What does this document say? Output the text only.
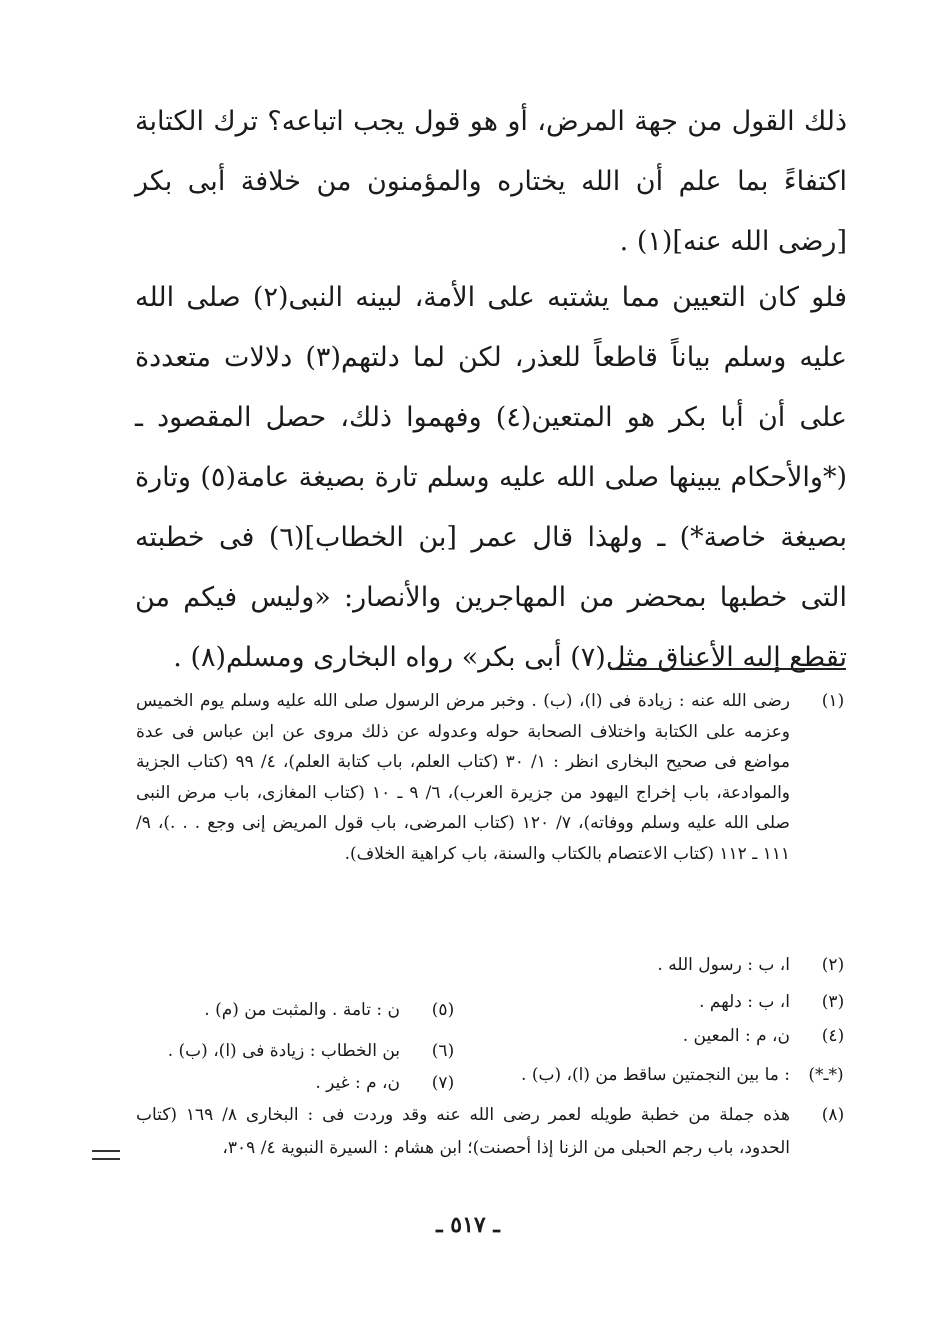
ذلك القول من جهة المرض، أو هو قول يجب اتباعه؟ ترك الكتابة اكتفاءً بما علم أن الله يختاره والمؤمنون من خلافة أبى بكر [رضى الله عنه](١) .

فلو كان التعيين مما يشتبه على الأمة، لبينه النبى(٢) صلى الله عليه وسلم بياناً قاطعاً للعذر، لكن لما دلتهم(٣) دلالات متعددة على أن أبا بكر هو المتعين(٤) وفهموا ذلك، حصل المقصود ـ (*والأحكام يبينها صلى الله عليه وسلم تارة بصيغة عامة(٥) وتارة بصيغة خاصة*) ـ ولهذا قال عمر [بن الخطاب](٦) فى خطبته التى خطبها بمحضر من المهاجرين والأنصار: «وليس فيكم من تقطع إليه الأعناق مثل(٧) أبى بكر» رواه البخارى ومسلم(٨) .

(١)
رضى الله عنه : زيادة فى (ا)، (ب) . وخبر مرض الرسول صلى الله عليه وسلم يوم الخميس وعزمه على الكتابة واختلاف الصحابة حوله وعدوله عن ذلك مروى عن ابن عباس فى عدة مواضع فى صحيح البخارى انظر : ١/ ٣٠ (كتاب العلم، باب كتابة العلم)، ٤/ ٩٩ (كتاب الجزية والموادعة، باب إخراج اليهود من جزيرة العرب)، ٦/ ٩ ـ ١٠ (كتاب المغازى، باب مرض النبى صلى الله عليه وسلم ووفاته)، ٧/ ١٢٠ (كتاب المرضى، باب قول المريض إنى وجع . . .)، ٩/ ١١١ ـ ١١٢ (كتاب الاعتصام بالكتاب والسنة، باب كراهية الخلاف).
(٢)
ا، ب : رسول الله .
(٣)
ا، ب : دلهم .
(٤)
ن، م : المعين .
(٥)
ن : تامة . والمثبت من (م) .
(٦)
بن الخطاب : زيادة فى (ا)، (ب) .
(*ـ*)
: ما بين النجمتين ساقط من (ا)، (ب) .
(٧)
ن، م : غير .
(٨)
هذه جملة من خطبة طويله لعمر رضى الله عنه وقد وردت فى : البخارى ٨/ ١٦٩ (كتاب الحدود، باب رجم الحبلى من الزنا إذا أحصنت)؛ ابن هشام : السيرة النبوية ٤/ ٣٠٩،
ـ ٥١٧ ـ
